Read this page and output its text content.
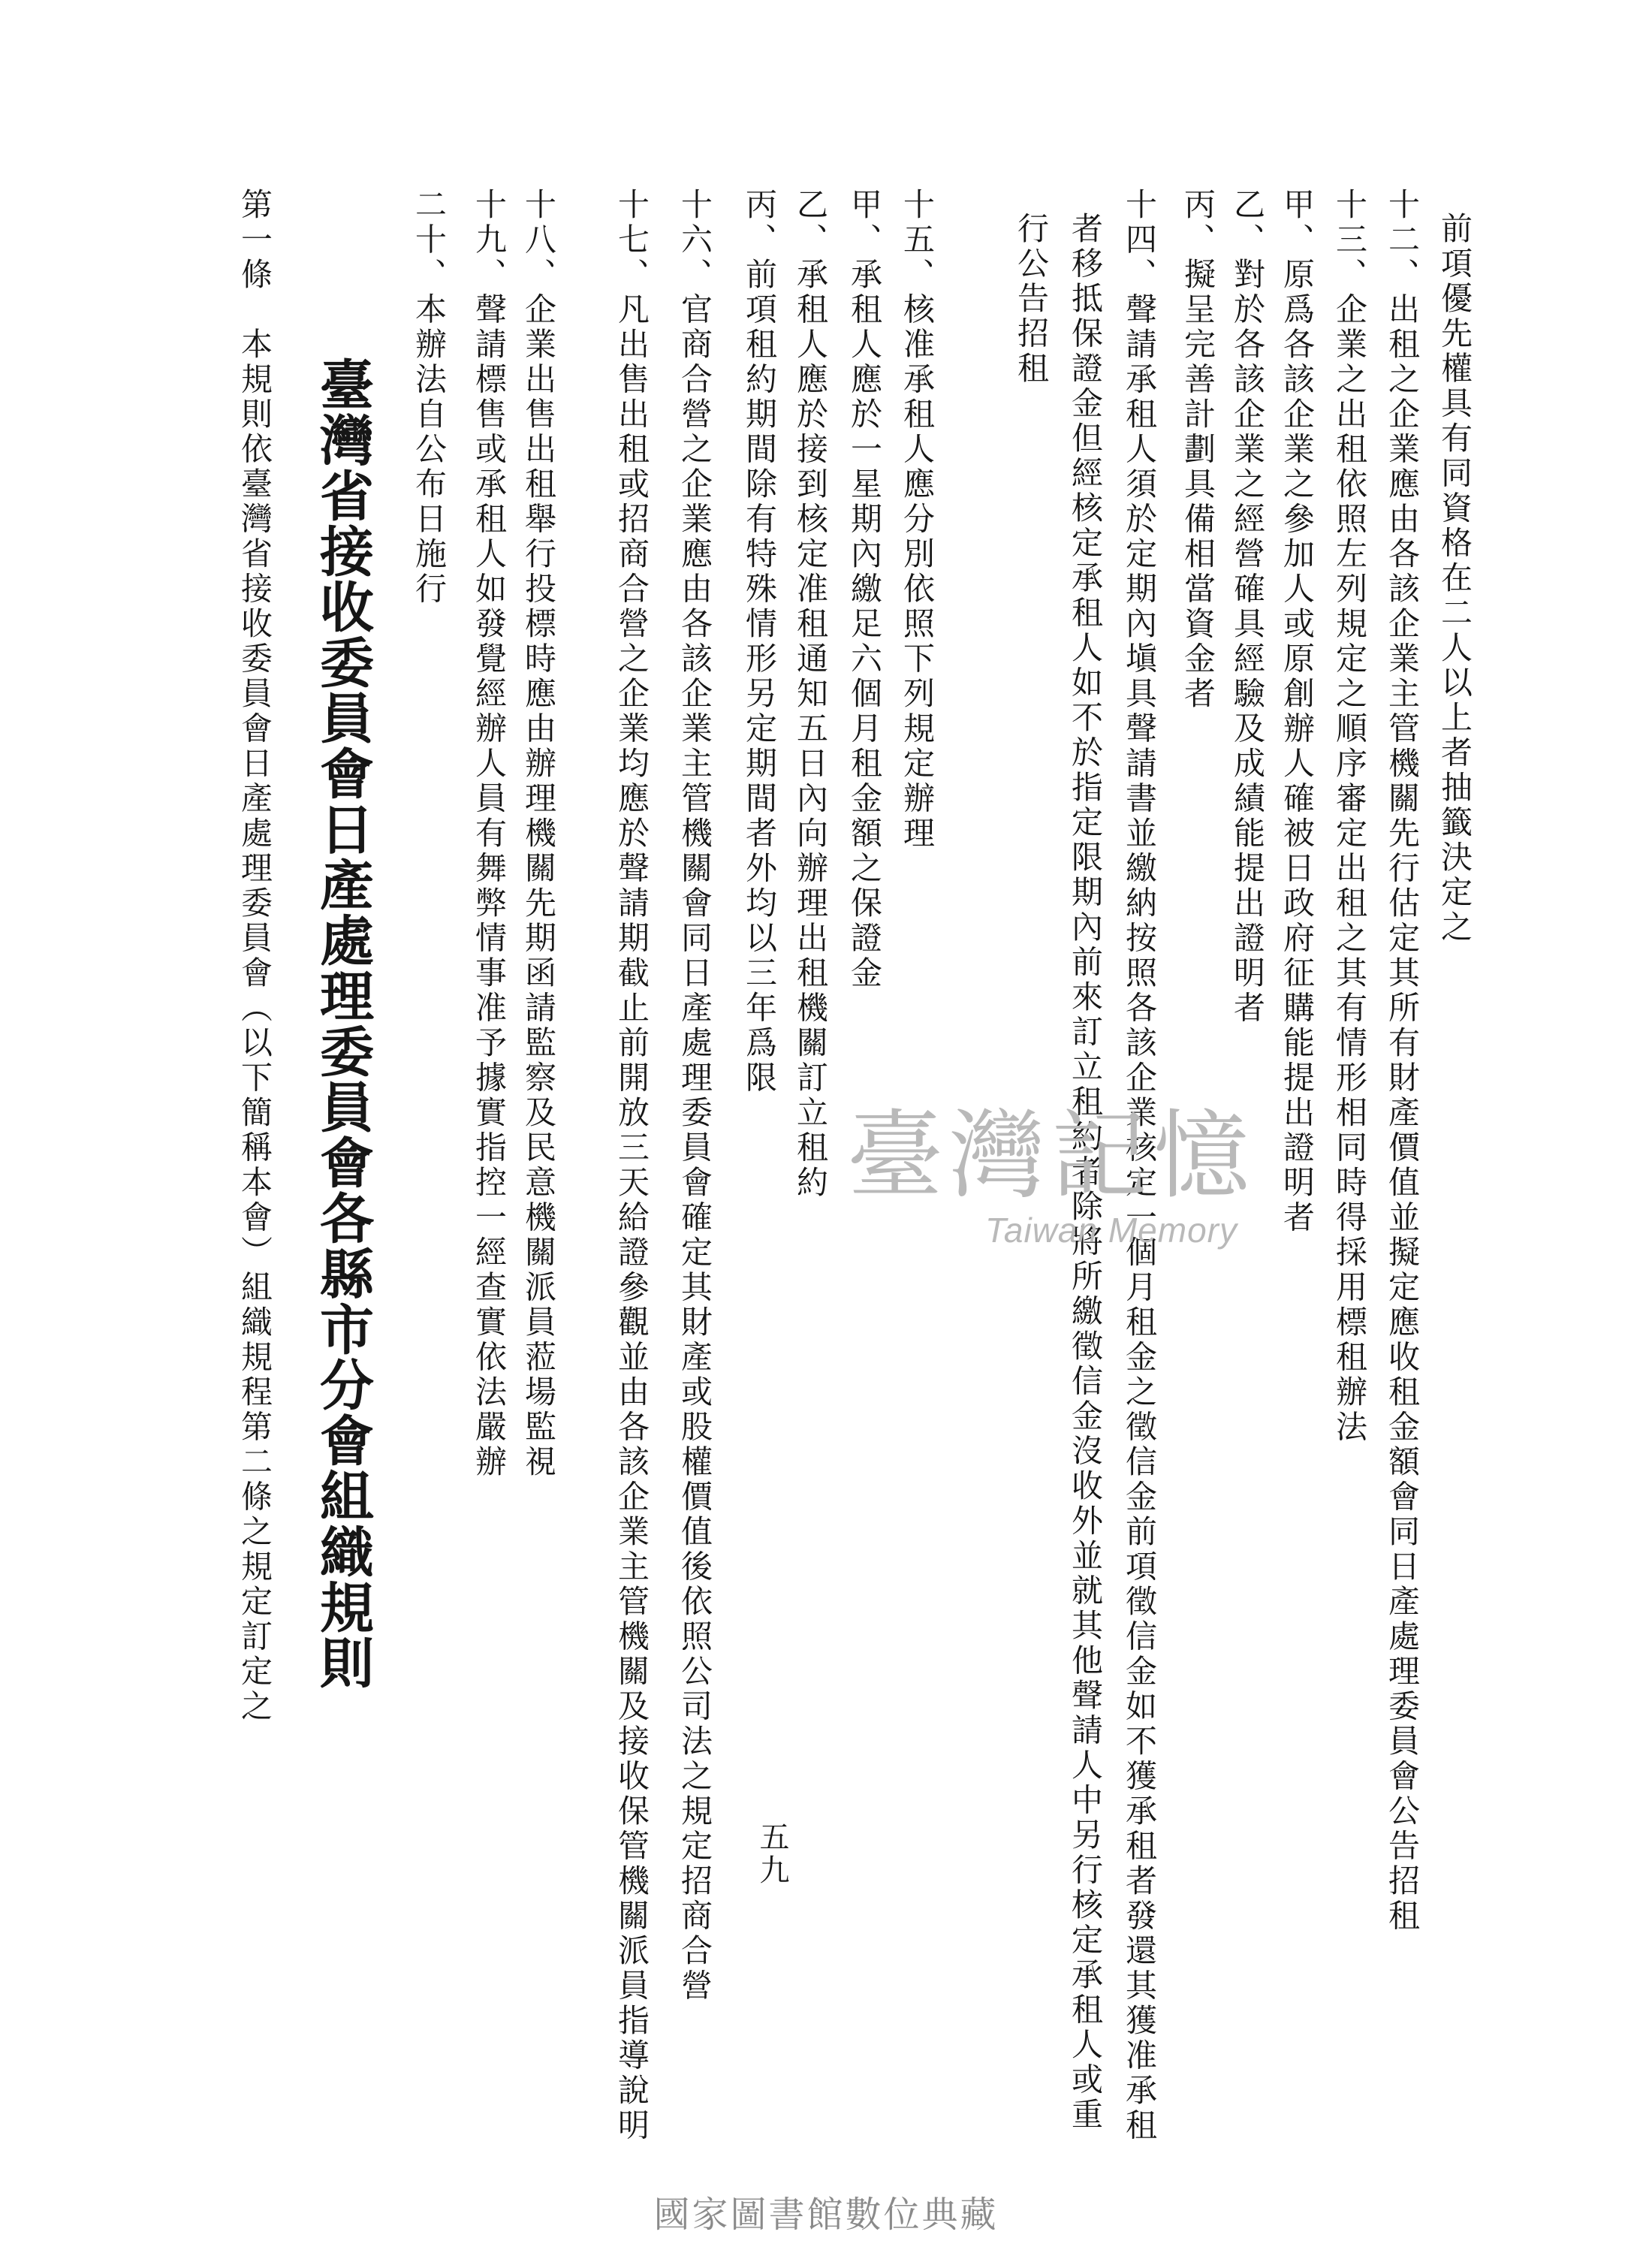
五九
前項優先權具有同資格在二人以上者抽籤決定之
十二、出租之企業應由各該企業主管機關先行估定其所有財產價值並擬定應收租金額會同日產處理委員會公告招租
十三、企業之出租依照左列規定之順序審定出租之其有情形相同時得採用標租辦法
甲、原爲各該企業之參加人或原創辦人確被日政府征購能提出證明者
乙、對於各該企業之經營確具經驗及成績能提出證明者
丙、擬呈完善計劃具備相當資金者
十四、聲請承租人須於定期內塡具聲請書並繳納按照各該企業核定一個月租金之徵信金前項徵信金如不獲承租者發還其獲准承租
者移抵保證金但經核定承租人如不於指定限期內前來訂立租約者除將所繳徵信金沒收外並就其他聲請人中另行核定承租人或重
行公告招租
十五、核准承租人應分別依照下列規定辦理
甲、承租人應於一星期內繳足六個月租金額之保證金
乙、承租人應於接到核定准租通知五日內向辦理出租機關訂立租約
丙、前項租約期間除有特殊情形另定期間者外均以三年爲限
十六、官商合營之企業應由各該企業主管機關會同日產處理委員會確定其財產或股權價值後依照公司法之規定招商合營
十七、凡出售出租或招商合營之企業均應於聲請期截止前開放三天給證參觀並由各該企業主管機關及接收保管機關派員指導說明
十八、企業出售出租舉行投標時應由辦理機關先期函請監察及民意機關派員蒞場監視
十九、聲請標售或承租人如發覺經辦人員有舞弊情事准予據實指控一經查實依法嚴辦
二十、本辦法自公布日施行
臺灣省接收委員會日產處理委員會各縣市分會組織規則
第一條　本規則依臺灣省接收委員會日產處理委員會（以下簡稱本會）組織規程第二條之規定訂定之	臺灣記憶
Taiwan Memory
國家圖書館數位典藏
